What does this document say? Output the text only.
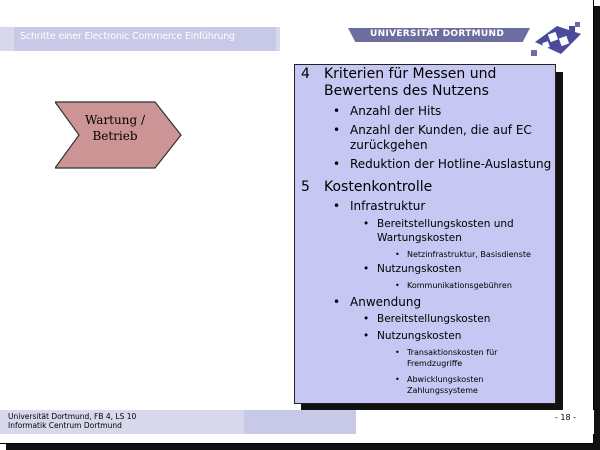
Schritte einer Electronic Commerce Einführung	UNIVERSITÄT DORTMUND
Wartung /
Betrieb
4 Kriterien für Messen und
Bewertens des Nutzens
• Anzahl der Hits
• Anzahl der Kunden, die auf EC
zurückgehen
• Reduktion der Hotline-Auslastung
5 Kostenkontrolle
• Infrastruktur
• Bereitstellungskosten und
Wartungskosten
• Netzinfrastruktur, Basisdienste
• Nutzungskosten
• Kommunikationsgebühren
• Anwendung
• Bereitstellungskosten
• Nutzungskosten
• Transaktionskosten für
Fremdzugriffe
• Abwicklungskosten
Zahlungssysteme
Universität Dortmund, FB 4, LS 10
Informatik Centrum Dortmund
- 18 -
